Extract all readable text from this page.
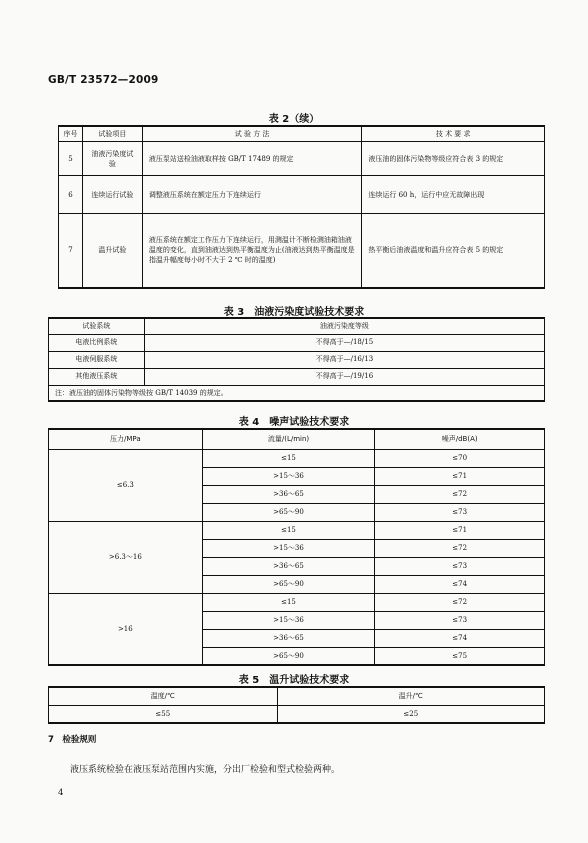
GB/T 23572—2009
表 2（续）
序号	试验项目	试 验 方 法	技 术 要 求
5	油液污染度试验	液压泵站送检油液取样按 GB/T 17489 的规定	液压油的固体污染物等级应符合表 3 的规定
6	连续运行试验	调整液压系统在额定压力下连续运行	连续运行 60 h，运行中应无故障出现
7	温升试验	液压系统在额定工作压力下连续运行，用测温计不断检测油箱油液温度的变化，直到油液达到热平衡温度为止(油液达到热平衡温度是指温升幅度每小时不大于 2 ℃ 时的温度)	热平衡后油液温度和温升应符合表 5 的规定
表 3　油液污染度试验技术要求
试验系统	油液污染度等级
电液比例系统	不得高于—/18/15
电液伺服系统	不得高于—/16/13
其他液压系统	不得高于—/19/16
注：液压油的固体污染物等级按 GB/T 14039 的规定。	
表 4　噪声试验技术要求
压力/MPa	流量/(L/min)	噪声/dB(A)
≤6.3	≤15	≤70
	>15～36	≤71
	>36～65	≤72
	>65～90	≤73
>6.3～16	≤15	≤71
	>15～36	≤72
	>36～65	≤73
	>65～90	≤74
>16	≤15	≤72
	>15～36	≤73
	>36～65	≤74
	>65～90	≤75
表 5　温升试验技术要求
温度/℃	温升/℃
≤55	≤25
7　检验规则
液压系统检验在液压泵站范围内实施，分出厂检验和型式检验两种。
4
